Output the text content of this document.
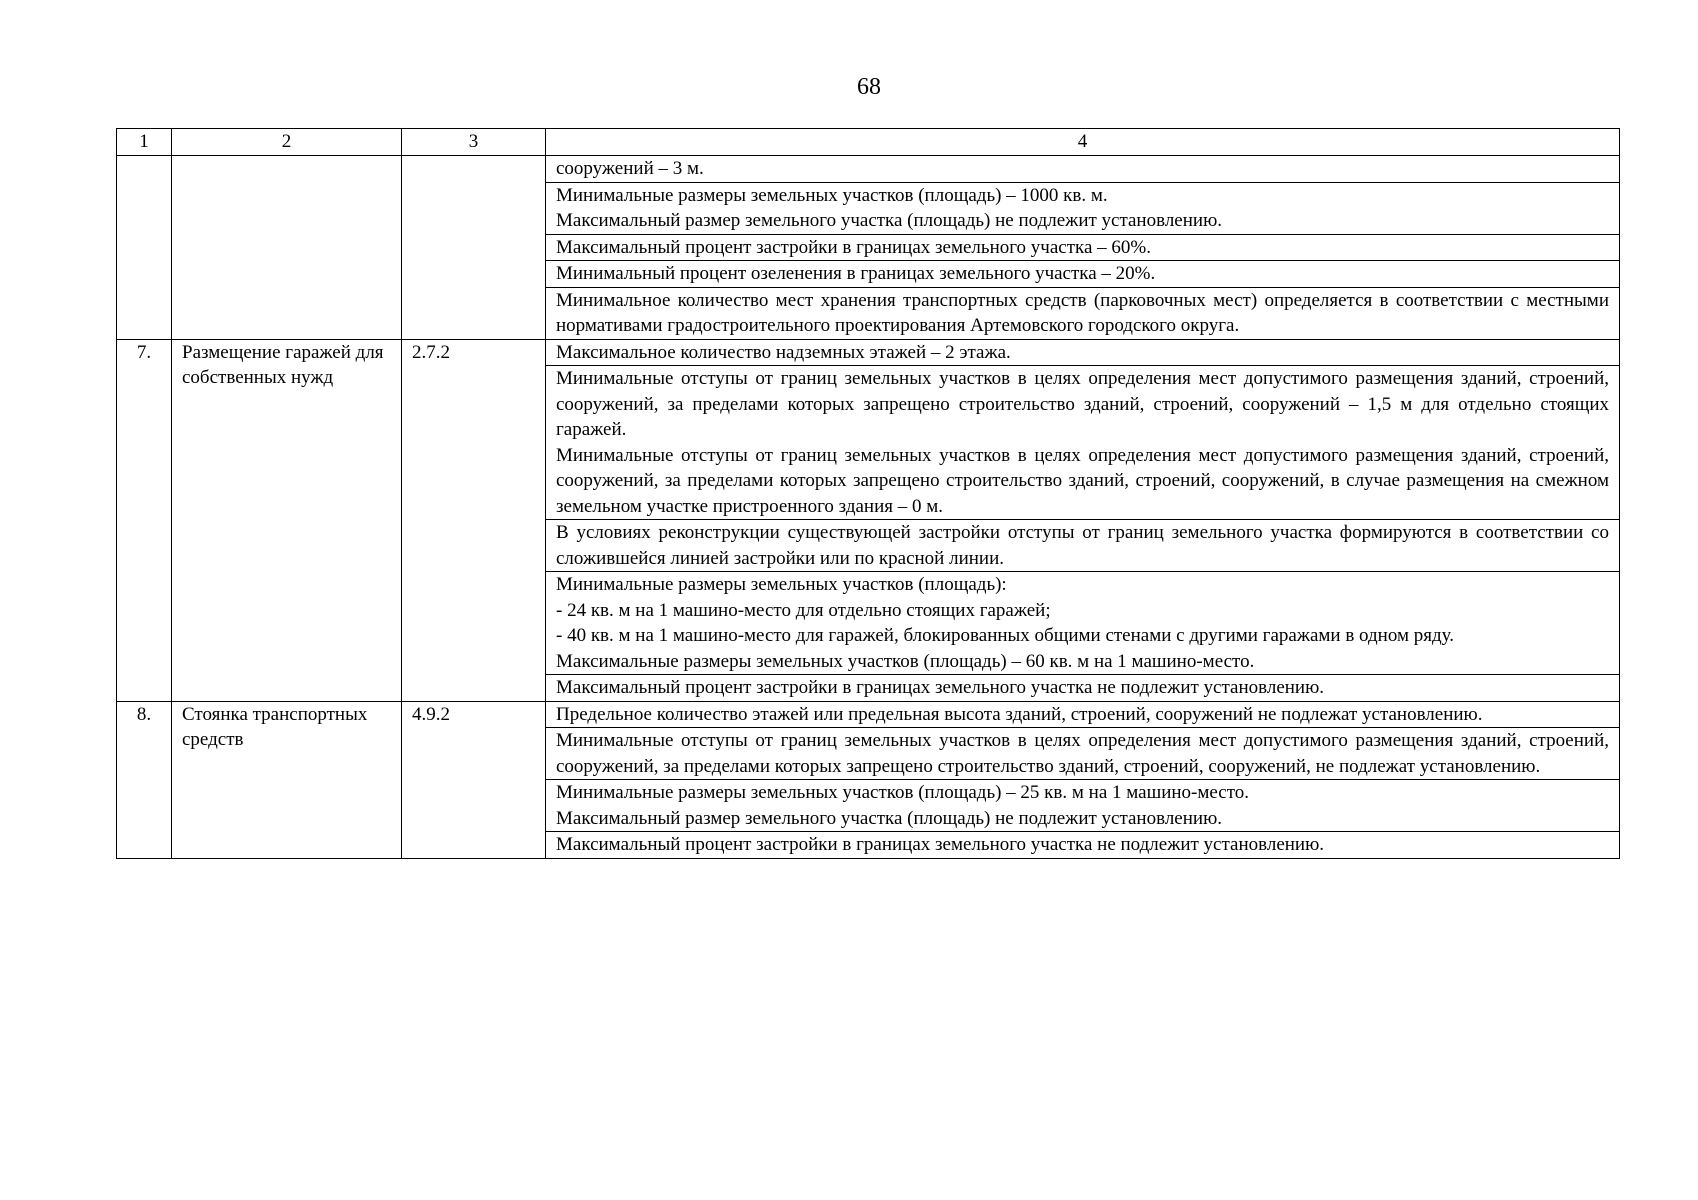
68
1	2	3	4
			сооружений – 3 м.

			Минимальные размеры земельных участков (площадь) – 1000 кв. м.
Максимальный размер земельного участка (площадь) не подлежит установлению.

			Максимальный процент застройки в границах земельного участка – 60%.
			Минимальный процент озеленения в границах земельного участка – 20%.
			Минимальное количество мест хранения транспортных средств (парковочных мест) определяется в соответствии с местными нормативами градостроительного проектирования Артемовского городского округа.
7.	Размещение гаражей для собственных нужд	2.7.2	Максимальное количество надземных этажей – 2 этажа.

			Минимальные отступы от границ земельных участков в целях определения мест допустимого размещения зданий, строений, сооружений, за пределами которых запрещено строительство зданий, строений, сооружений – 1,5 м для отдельно стоящих гаражей.
Минимальные отступы от границ земельных участков в целях определения мест допустимого размещения зданий, строений, сооружений, за пределами которых запрещено строительство зданий, строений, сооружений, в случае размещения на смежном земельном участке пристроенного здания – 0 м.

			В условиях реконструкции существующей застройки отступы от границ земельного участка формируются в соответствии со сложившейся линией застройки или по красной линии.

			Минимальные размеры земельных участков (площадь):
- 24 кв. м на 1 машино-место для отдельно стоящих гаражей;
- 40 кв. м на 1 машино-место для гаражей, блокированных общими стенами с другими гаражами в одном ряду.
Максимальные размеры земельных участков (площадь) – 60 кв. м на 1 машино-место.

			Максимальный процент застройки в границах земельного участка не подлежит установлению.
8.	Стоянка транспортных средств	4.9.2	Предельное количество этажей или предельная высота зданий, строений, сооружений не подлежат установлению.
			Минимальные отступы от границ земельных участков в целях определения мест допустимого размещения зданий, строений, сооружений, за пределами которых запрещено строительство зданий, строений, сооружений, не подлежат установлению.

			Минимальные размеры земельных участков (площадь) – 25 кв. м на 1 машино-место.
Максимальный размер земельного участка (площадь) не подлежит установлению.

			Максимальный процент застройки в границах земельного участка не подлежит установлению.
